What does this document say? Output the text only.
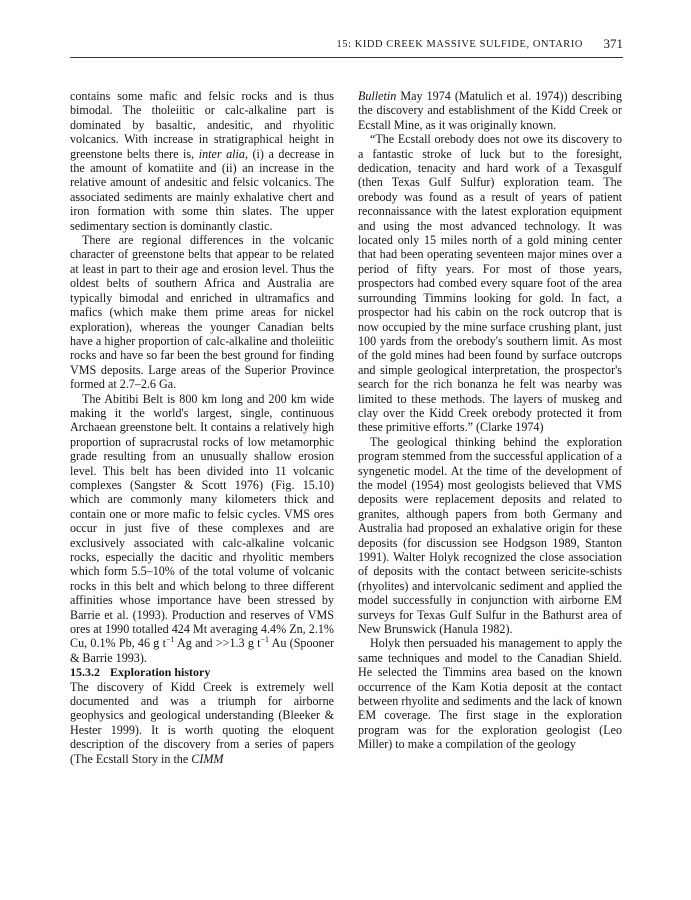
15: KIDD CREEK MASSIVE SULFIDE, ONTARIO 371

contains some mafic and felsic rocks and is thus bimodal. The tholeiitic or calc-alkaline part is dominated by basaltic, andesitic, and rhyolitic volcanics. With increase in stratigraphical height in greenstone belts there is, inter alia, (i) a decrease in the amount of komatiite and (ii) an increase in the relative amount of andesitic and felsic volcanics. The associated sediments are mainly exhalative chert and iron formation with some thin slates. The upper sedimentary section is dominantly clastic.

There are regional differences in the volcanic character of greenstone belts that appear to be related at least in part to their age and erosion level. Thus the oldest belts of southern Africa and Australia are typically bimodal and enriched in ultramafics and mafics (which make them prime areas for nickel exploration), whereas the younger Canadian belts have a higher proportion of calc-alkaline and tholeiitic rocks and have so far been the best ground for finding VMS deposits. Large areas of the Superior Province formed at 2.7–2.6 Ga.

The Abitibi Belt is 800 km long and 200 km wide making it the world's largest, single, continuous Archaean greenstone belt. It contains a relatively high proportion of supracrustal rocks of low metamorphic grade resulting from an unusually shallow erosion level. This belt has been divided into 11 volcanic complexes (Sangster & Scott 1976) (Fig. 15.10) which are commonly many kilometers thick and contain one or more mafic to felsic cycles. VMS ores occur in just five of these complexes and are exclusively associated with calc-alkaline volcanic rocks, especially the dacitic and rhyolitic members which form 5.5–10% of the total volume of volcanic rocks in this belt and which belong to three different affinities whose importance have been stressed by Barrie et al. (1993). Production and reserves of VMS ores at 1990 totalled 424 Mt averaging 4.4% Zn, 2.1% Cu, 0.1% Pb, 46 g $t^{-1}$ Ag and >>1.3 g $t^{-1}$ Au (Spooner & Barrie 1993).

15.3.2 Exploration history

The discovery of Kidd Creek is extremely well documented and was a triumph for airborne geophysics and geological understanding (Bleeker & Hester 1999). It is worth quoting the eloquent description of the discovery from a series of papers (The Ecstall Story in the CIMM

Bulletin May 1974 (Matulich et al. 1974)) describing the discovery and establishment of the Kidd Creek or Ecstall Mine, as it was originally known.

“The Ecstall orebody does not owe its discovery to a fantastic stroke of luck but to the foresight, dedication, tenacity and hard work of a Texasgulf (then Texas Gulf Sulfur) exploration team. The orebody was found as a result of years of patient reconnaissance with the latest exploration equipment and using the most advanced technology. It was located only 15 miles north of a gold mining center that had been operating seventeen major mines over a period of fifty years. For most of those years, prospectors had combed every square foot of the area surrounding Timmins looking for gold. In fact, a prospector had his cabin on the rock outcrop that is now occupied by the mine surface crushing plant, just 100 yards from the orebody's southern limit. As most of the gold mines had been found by surface outcrops and simple geological interpretation, the prospector's search for the rich bonanza he felt was nearby was limited to these methods. The layers of muskeg and clay over the Kidd Creek orebody protected it from these primitive efforts.” (Clarke 1974)

The geological thinking behind the exploration program stemmed from the successful application of a syngenetic model. At the time of the development of the model (1954) most geologists believed that VMS deposits were replacement deposits and related to granites, although papers from both Germany and Australia had proposed an exhalative origin for these deposits (for discussion see Hodgson 1989, Stanton 1991). Walter Holyk recognized the close association of deposits with the contact between sericite-schists (rhyolites) and intervolcanic sediment and applied the model successfully in conjunction with airborne EM surveys for Texas Gulf Sulfur in the Bathurst area of New Brunswick (Hanula 1982).

Holyk then persuaded his management to apply the same techniques and model to the Canadian Shield. He selected the Timmins area based on the known occurrence of the Kam Kotia deposit at the contact between rhyolite and sediments and the lack of known EM coverage. The first stage in the exploration program was for the exploration geologist (Leo Miller) to make a compilation of the geology
